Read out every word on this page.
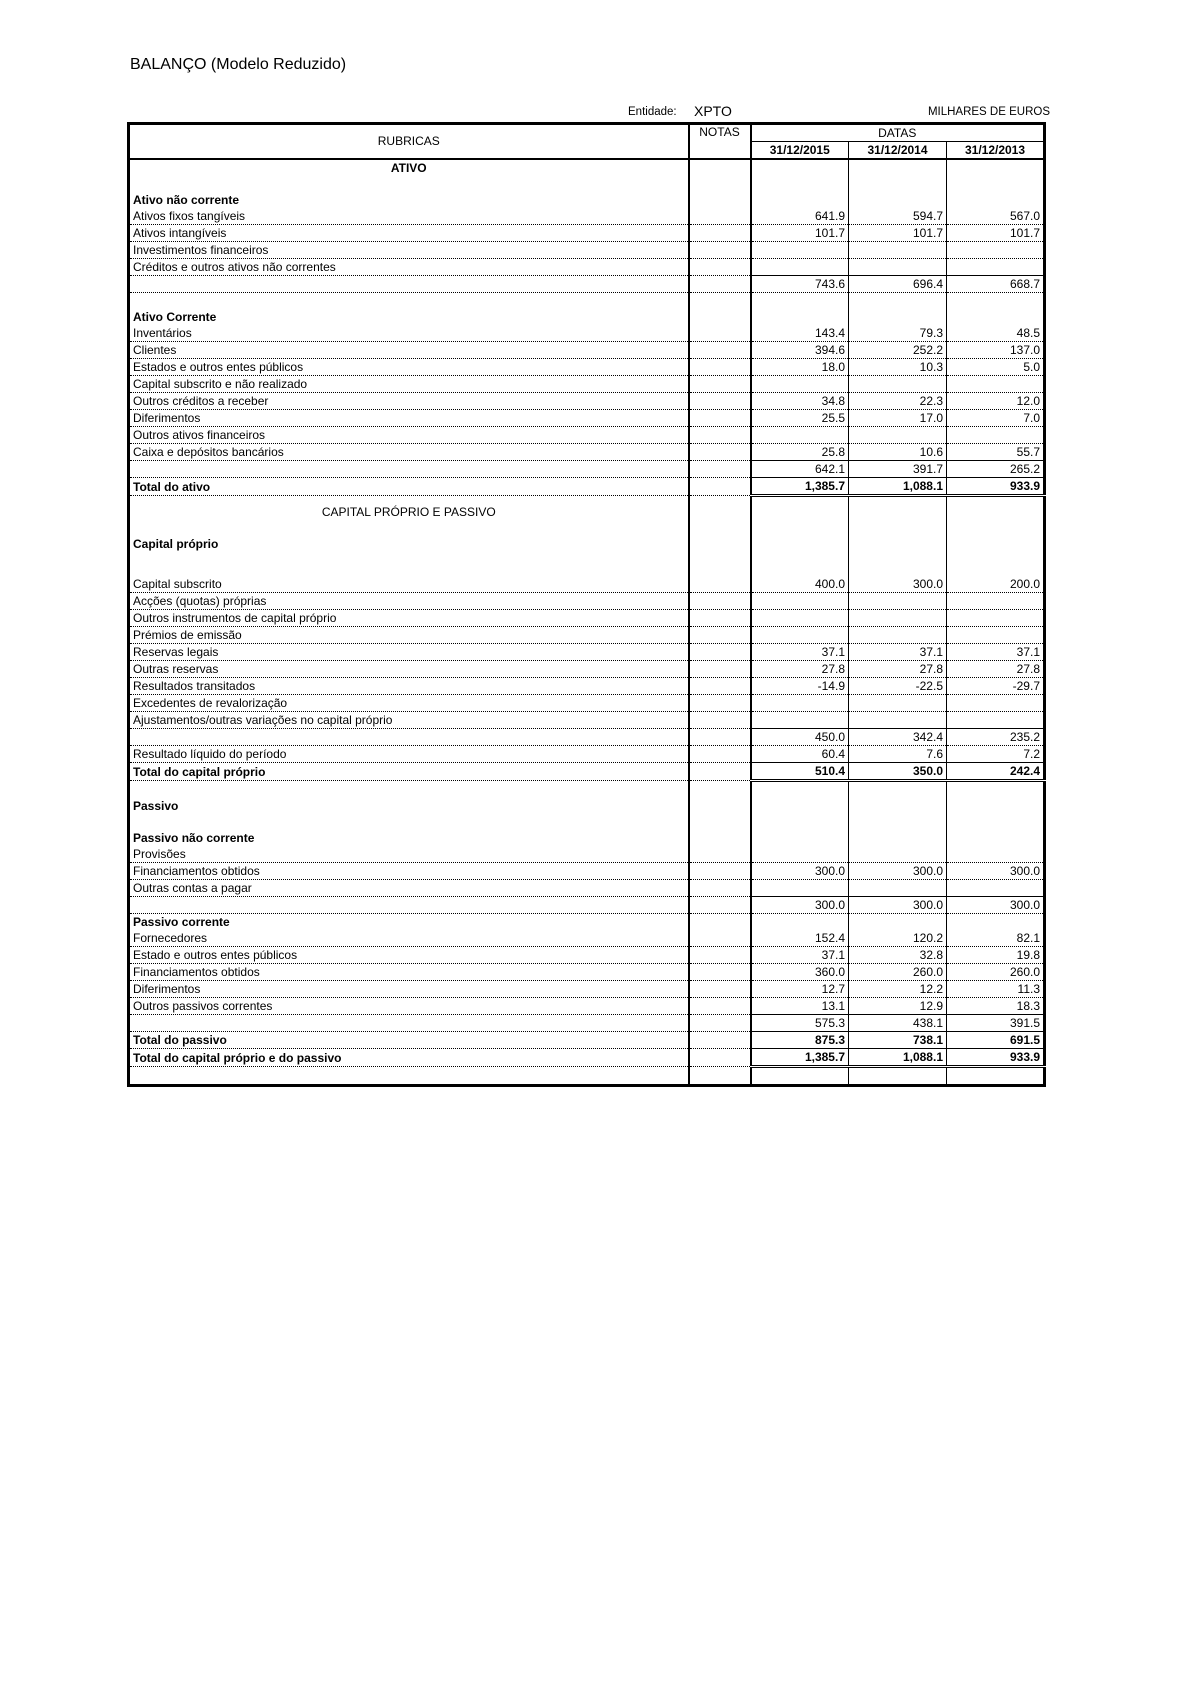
BALANÇO (Modelo Reduzido)
Entidade: XPTO	MILHARES DE EUROS
RUBRICAS	NOTAS	DATAS		
		31/12/2015	31/12/2014	31/12/2013
ATIVO				

Ativo não corrente				
Ativos fixos tangíveis		641.9	594.7	567.0
Ativos intangíveis		101.7	101.7	101.7
Investimentos financeiros				
Créditos e outros ativos não correntes				
		743.6	696.4	668.7

Ativo Corrente				
Inventários		143.4	79.3	48.5
Clientes		394.6	252.2	137.0
Estados e outros entes públicos		18.0	10.3	5.0
Capital subscrito e não realizado				
Outros créditos a receber		34.8	22.3	12.0
Diferimentos		25.5	17.0	7.0
Outros ativos financeiros				
Caixa e depósitos bancários		25.8	10.6	55.7
		642.1	391.7	265.2
Total do ativo		1,385.7	1,088.1	933.9
CAPITAL PRÓPRIO E PASSIVO				
Capital próprio				

Capital subscrito		400.0	300.0	200.0
Acções (quotas) próprias				
Outros instrumentos de capital próprio				
Prémios de emissão				
Reservas legais		37.1	37.1	37.1
Outras reservas		27.8	27.8	27.8
Resultados transitados		-14.9	-22.5	-29.7
Excedentes de revalorização				
Ajustamentos/outras variações no capital próprio				
		450.0	342.4	235.2
Resultado líquido do período		60.4	7.6	7.2
Total do capital próprio		510.4	350.0	242.4

Passivo				

Passivo não corrente				
Provisões				
Financiamentos obtidos		300.0	300.0	300.0
Outras contas a pagar				
		300.0	300.0	300.0
Passivo corrente				
Fornecedores		152.4	120.2	82.1
Estado e outros entes públicos		37.1	32.8	19.8
Financiamentos obtidos		360.0	260.0	260.0
Diferimentos		12.7	12.2	11.3
Outros passivos correntes		13.1	12.9	18.3
		575.3	438.1	391.5
Total do passivo		875.3	738.1	691.5
Total do capital próprio e do passivo		1,385.7	1,088.1	933.9
